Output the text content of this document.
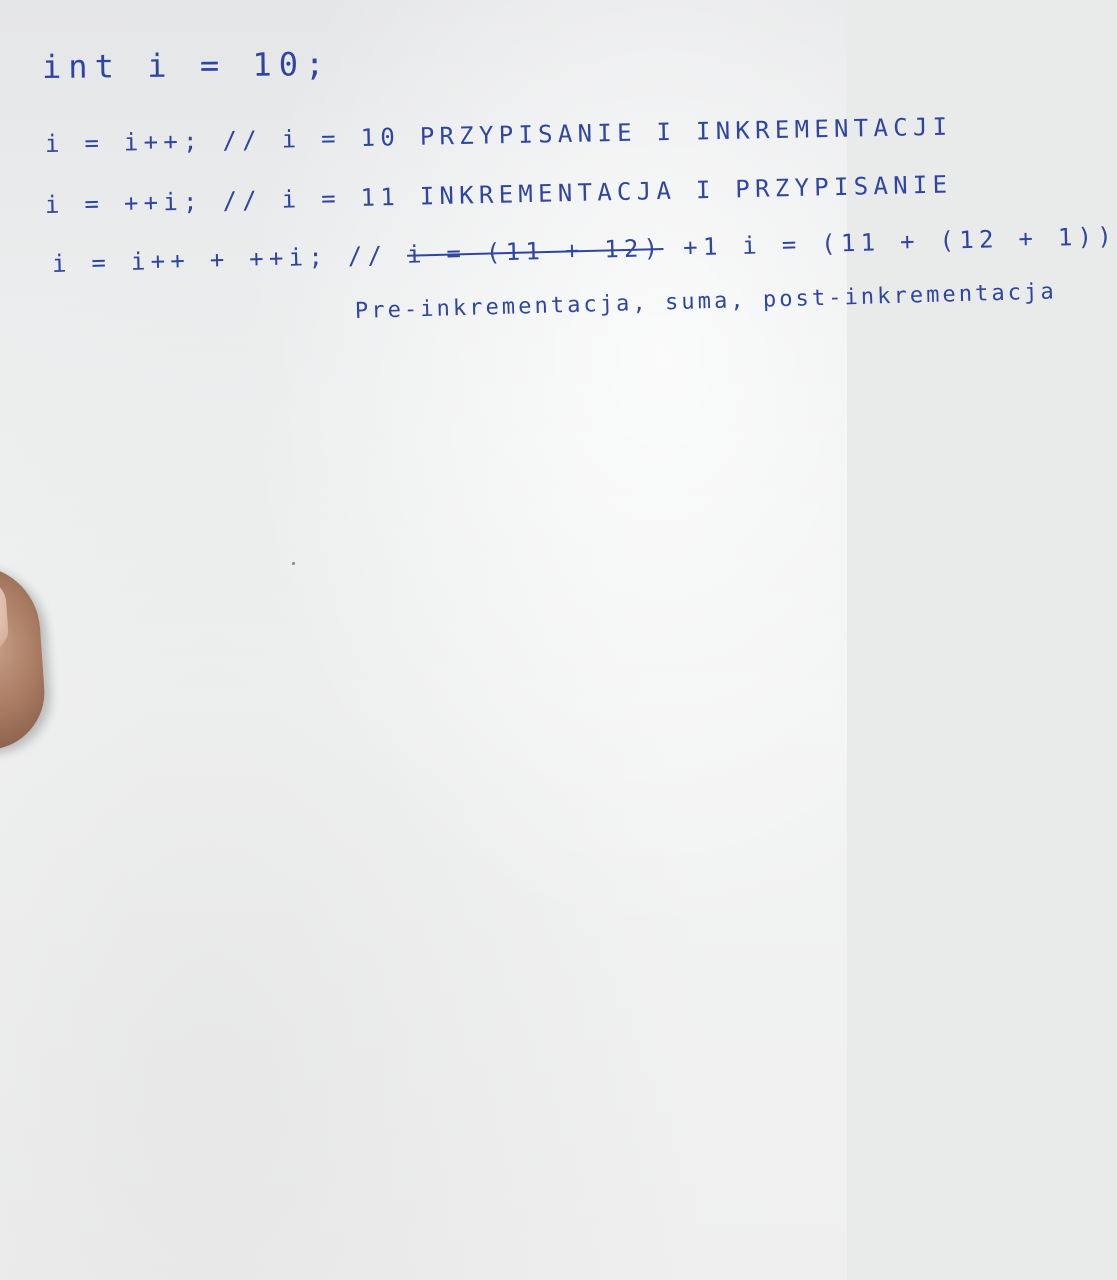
int i = 10;
i = i++; // i = 10 PRZYPISANIE I INKREMENTACJI
i = ++i; // i = 11 INKREMENTACJA I PRZYPISANIE
i = i++ + ++i; // i = (11 + 12) +1 i = (11 + (12 + 1))
Pre-inkrementacja, suma, post-inkrementacja
